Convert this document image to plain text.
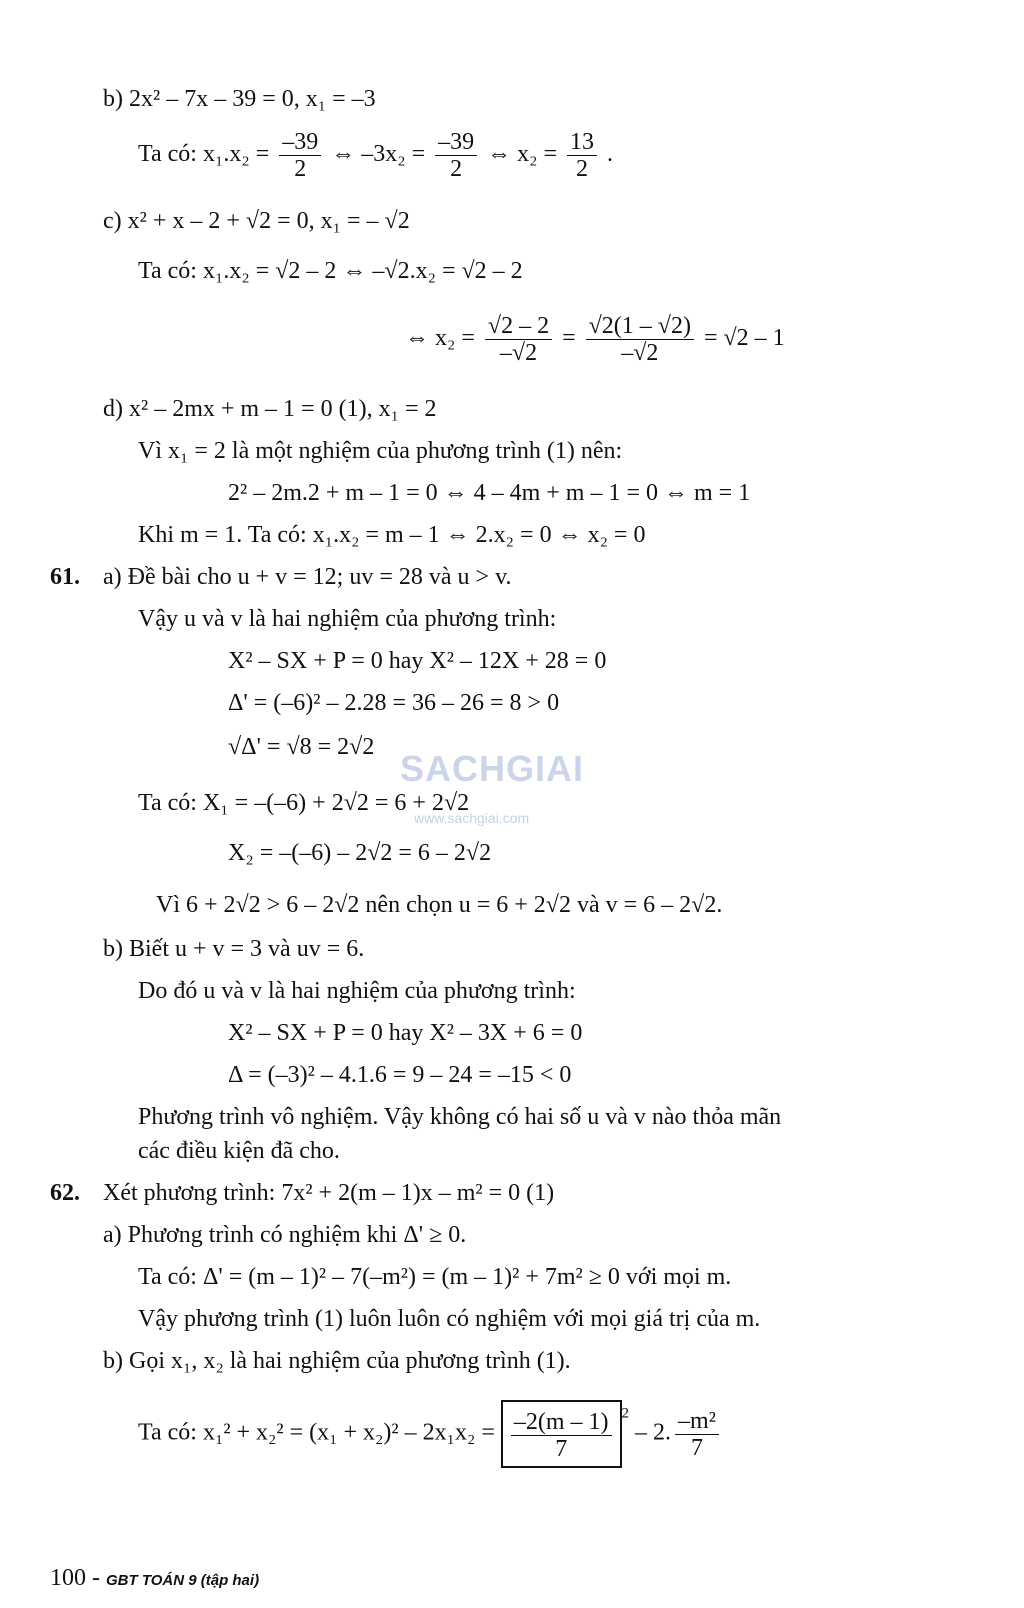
b) 2x² – 7x – 39 = 0, x₁ = –3
Ta có: $x_1.x_2 = \frac{-39}{2}$ ⇔ $-3x_2 = \frac{-39}{2}$ ⇔ $x_2 = \frac{13}{2}$ .
c) x² + x – 2 + √2 = 0, x₁ = – √2
Ta có: x₁.x₂ = √2 – 2 ⇔ –√2.x₂ = √2 – 2
⇔ $x_2 = \frac{√2 - 2}{-√2} = \frac{√2(1 - √2)}{-√2} = √2 - 1$
d) x² – 2mx + m – 1 = 0 (1), x₁ = 2
Vì x₁ = 2 là một nghiệm của phương trình (1) nên:
2² – 2m.2 + m – 1 = 0 ⇔ 4 – 4m + m – 1 = 0 ⇔ m = 1
Khi m = 1. Ta có: x₁.x₂ = m – 1 ⇔ 2.x₂ = 0 ⇔ x₂ = 0
61. a) Đề bài cho u + v = 12; uv = 28 và u > v.
Vậy u và v là hai nghiệm của phương trình:
X² – SX + P = 0 hay X² – 12X + 28 = 0
Δ' = (–6)² – 2.28 = 36 – 26 = 8 > 0
√Δ' = √8 = 2√2
Ta có: X₁ = –(–6) + 2√2 = 6 + 2√2
X₂ = –(–6) – 2√2 = 6 – 2√2
Vì 6 + 2√2 > 6 – 2√2 nên chọn u = 6 + 2√2 và v = 6 – 2√2.
b) Biết u + v = 3 và uv = 6.
Do đó u và v là hai nghiệm của phương trình:
X² – SX + P = 0 hay X² – 3X + 6 = 0
Δ = (–3)² – 4.1.6 = 9 – 24 = –15 < 0
Phương trình vô nghiệm. Vậy không có hai số u và v nào thỏa mãn
các điều kiện đã cho.
62. Xét phương trình: 7x² + 2(m – 1)x – m² = 0 (1)
a) Phương trình có nghiệm khi Δ' ≥ 0.
Ta có: Δ' = (m – 1)² – 7(–m²) = (m – 1)² + 7m² ≥ 0 với mọi m.
Vậy phương trình (1) luôn luôn có nghiệm với mọi giá trị của m.
b) Gọi x₁, x₂ là hai nghiệm của phương trình (1).
Ta có: $x_1^2 + x_2^2 = (x_1 + x_2)^2 - 2x_1x_2 = \frac{-2(m - 1)}{7} ^2 - 2$. $\frac{\text{–m²}}{7}$
SACHGIAI
www.sachgiai.com
100 - GBT TOÁN 9 (tập hai)
